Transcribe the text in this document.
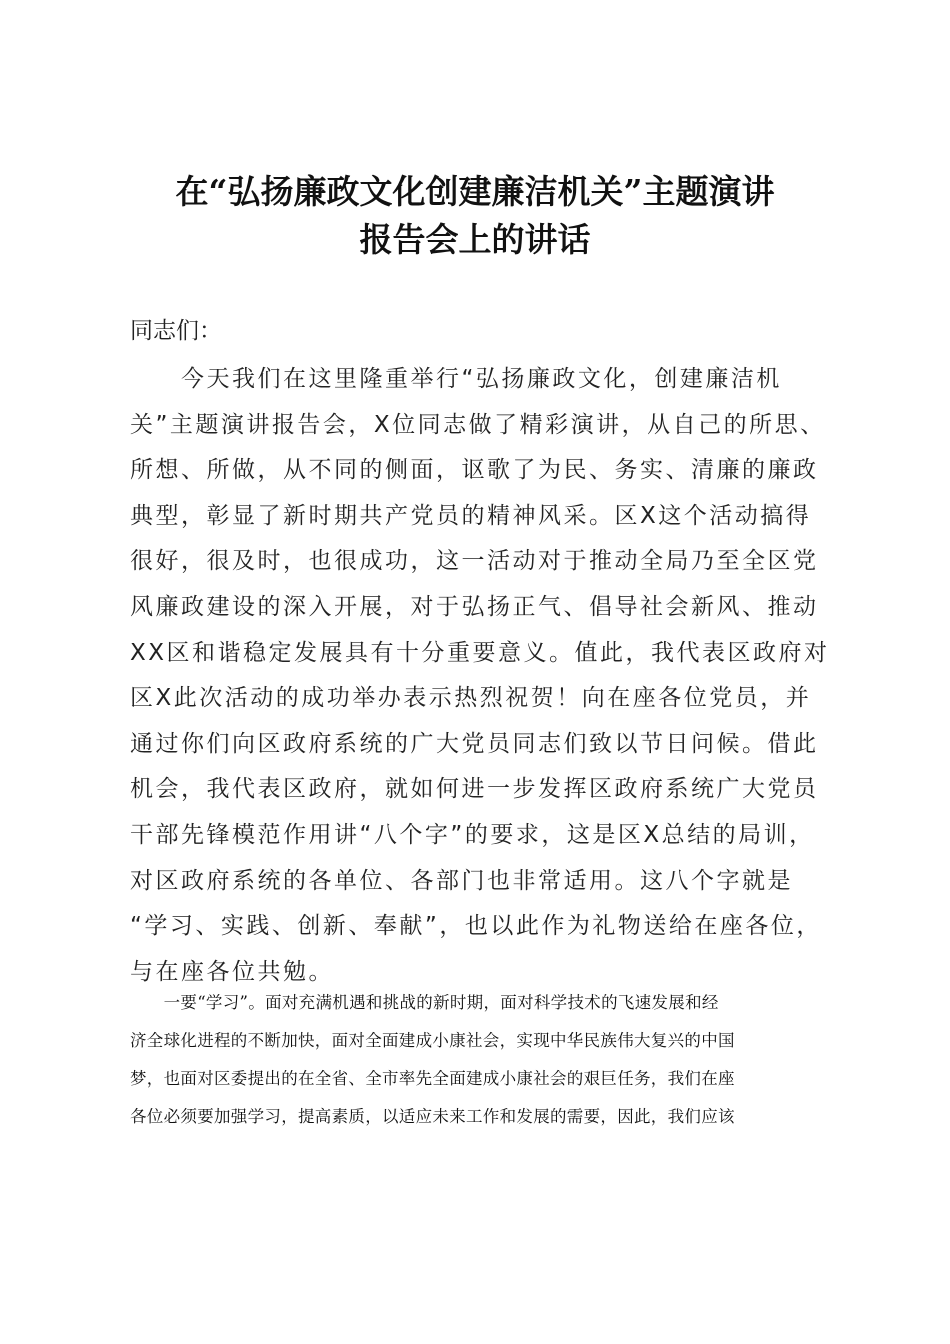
在“弘扬廉政文化创建廉洁机关”主题演讲
报告会上的讲话
同志们：
　　今天我们在这里隆重举行“弘扬廉政文化，创建廉洁机
关”主题演讲报告会，X位同志做了精彩演讲，从自己的所思、
所想、所做，从不同的侧面，讴歌了为民、务实、清廉的廉政
典型，彰显了新时期共产党员的精神风采。区X这个活动搞得
很好，很及时，也很成功，这一活动对于推动全局乃至全区党
风廉政建设的深入开展，对于弘扬正气、倡导社会新风、推动
XX区和谐稳定发展具有十分重要意义。值此，我代表区政府对
区X此次活动的成功举办表示热烈祝贺！向在座各位党员，并
通过你们向区政府系统的广大党员同志们致以节日问候。借此
机会，我代表区政府，就如何进一步发挥区政府系统广大党员
干部先锋模范作用讲“八个字”的要求，这是区X总结的局训，
对区政府系统的各单位、各部门也非常适用。这八个字就是
“学习、实践、创新、奉献”，也以此作为礼物送给在座各位，
与在座各位共勉。
　　一要“学习”。面对充满机遇和挑战的新时期，面对科学技术的飞速发展和经
济全球化进程的不断加快，面对全面建成小康社会，实现中华民族伟大复兴的中国
梦，也面对区委提出的在全省、全市率先全面建成小康社会的艰巨任务，我们在座
各位必须要加强学习，提高素质，以适应未来工作和发展的需要，因此，我们应该
